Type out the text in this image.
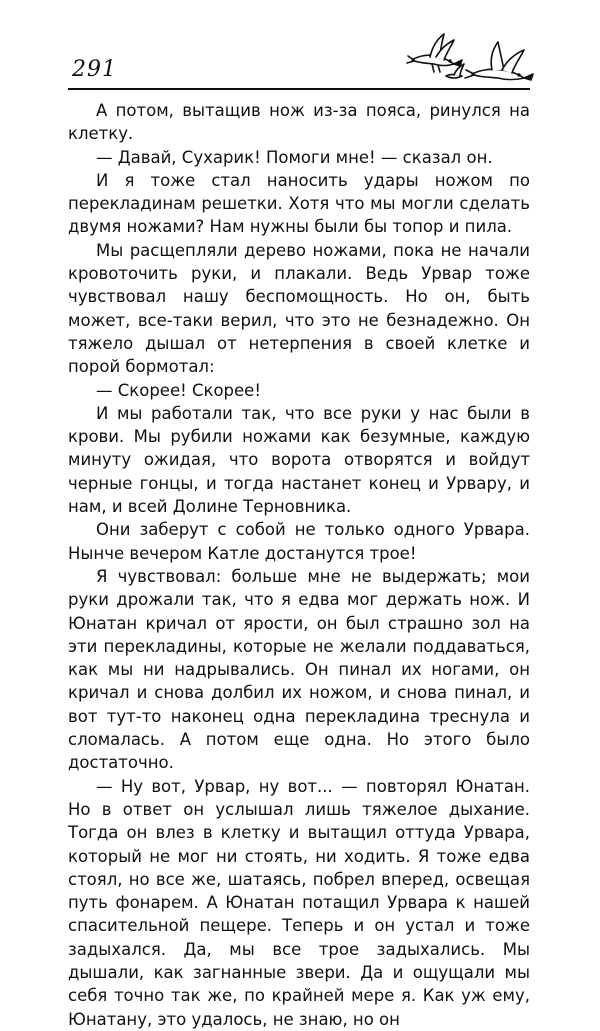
291

А потом, вытащив нож из-за пояса, ринулся на клетку.

— Давай, Сухарик! Помоги мне! — сказал он.

И я тоже стал наносить удары ножом по перекладинам решетки. Хотя что мы могли сделать двумя ножами? Нам нужны были бы топор и пила.

Мы расщепляли дерево ножами, пока не начали кровоточить руки, и плакали. Ведь Урвар тоже чувствовал нашу беспомощность. Но он, быть может, все-таки верил, что это не безнадежно. Он тяжело дышал от нетерпения в своей клетке и порой бормотал:

— Скорее! Скорее!

И мы работали так, что все руки у нас были в крови. Мы рубили ножами как безумные, каждую минуту ожидая, что ворота отворятся и войдут черные гонцы, и тогда настанет конец и Урвару, и нам, и всей Долине Терновника.

Они заберут с собой не только одного Урвара. Нынче вечером Катле достанутся трое!

Я чувствовал: больше мне не выдержать; мои руки дрожали так, что я едва мог держать нож. И Юнатан кричал от ярости, он был страшно зол на эти перекладины, которые не желали поддаваться, как мы ни надрывались. Он пинал их ногами, он кричал и снова долбил их ножом, и снова пинал, и вот тут-то наконец одна перекладина треснула и сломалась. А потом еще одна. Но этого было достаточно.

— Ну вот, Урвар, ну вот... — повторял Юнатан. Но в ответ он услышал лишь тяжелое дыхание. Тогда он влез в клетку и вытащил оттуда Урвара, который не мог ни стоять, ни ходить. Я тоже едва стоял, но все же, шатаясь, побрел вперед, освещая путь фонарем. А Юнатан потащил Урвара к нашей спасительной пещере. Теперь и он устал и тоже задыхался. Да, мы все трое задыхались. Мы дышали, как загнанные звери. Да и ощущали мы себя точно так же, по крайней мере я. Как уж ему, Юнатану, это удалось, не знаю, но он
